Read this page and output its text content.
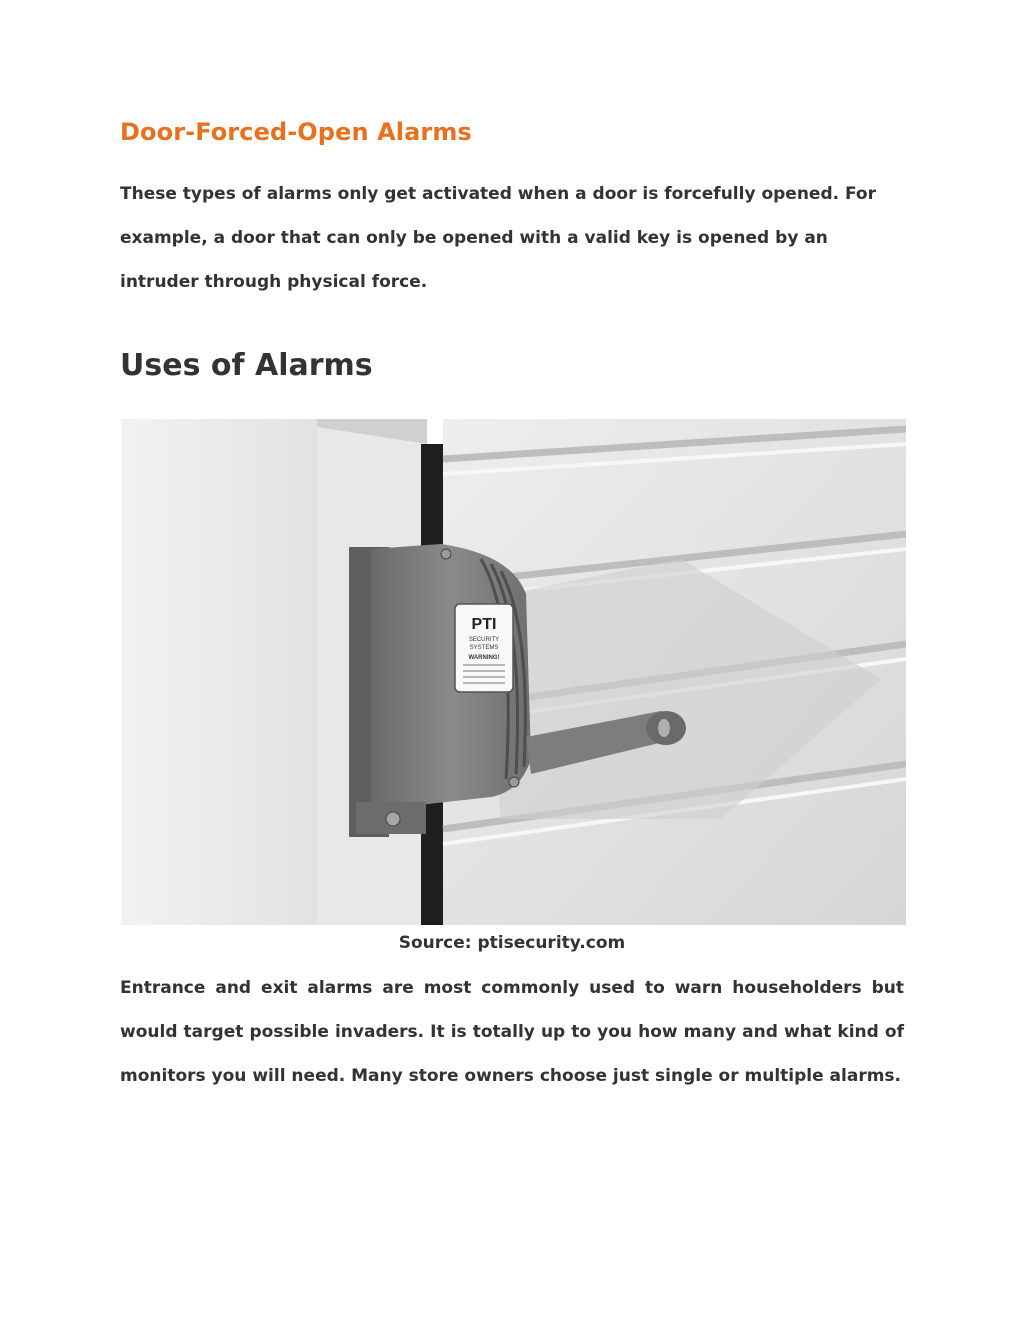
Door-Forced-Open Alarms

These types of alarms only get activated when a door is forcefully opened. For example, a door that can only be opened with a valid key is opened by an intruder through physical force.

Uses of Alarms
PTI
SECURITY
SYSTEMS
WARNING!

Source: ptisecurity.com

Entrance and exit alarms are most commonly used to warn householders but would target possible invaders. It is totally up to you how many and what kind of monitors you will need. Many store owners choose just single or multiple alarms.
